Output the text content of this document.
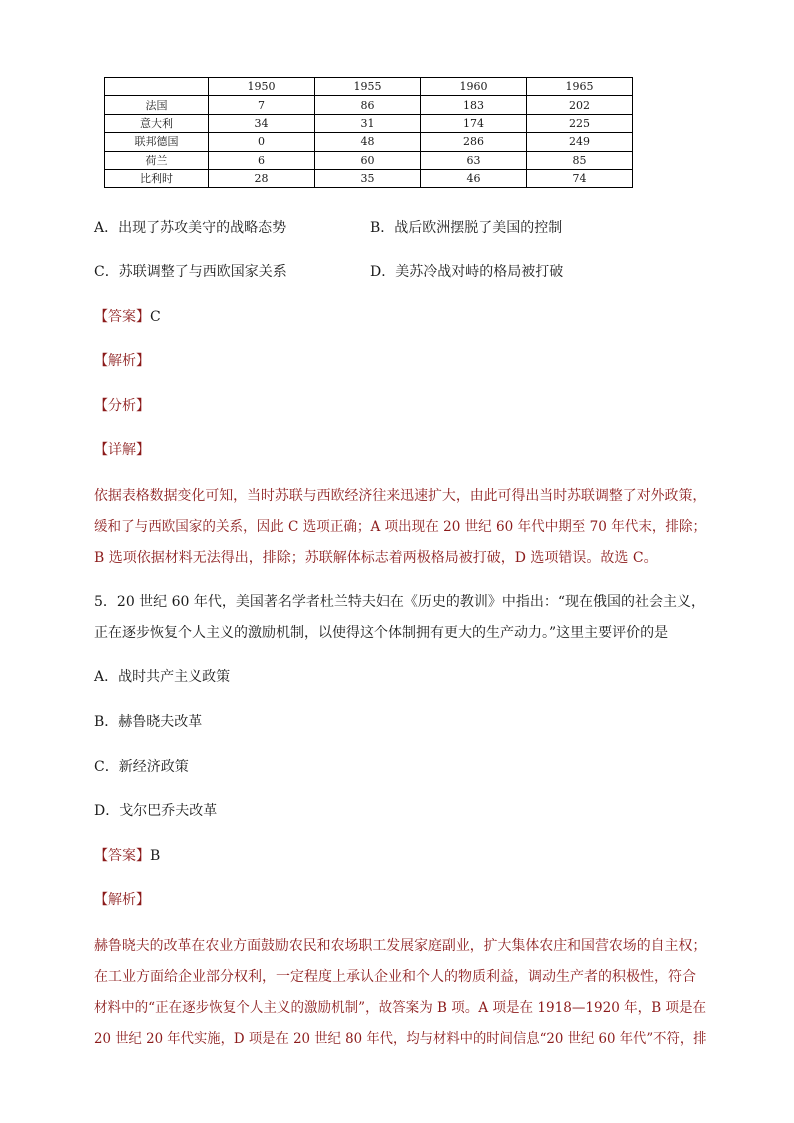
	1950	1955	1960	1965
法国	7	86	183	202
意大利	34	31	174	225
联邦德国	0	48	286	249
荷兰	6	60	63	85
比利时	28	35	46	74
A．出现了苏攻美守的战略态势	B．战后欧洲摆脱了美国的控制
C．苏联调整了与西欧国家关系	D．美苏冷战对峙的格局被打破
【答案】C
【解析】
【分析】
【详解】
依据表格数据变化可知，当时苏联与西欧经济往来迅速扩大，由此可得出当时苏联调整了对外政策，
缓和了与西欧国家的关系，因此 C 选项正确；A 项出现在 20 世纪 60 年代中期至 70 年代末，排除；
B 选项依据材料无法得出，排除；苏联解体标志着两极格局被打破，D 选项错误。故选 C。
5．20 世纪 60 年代，美国著名学者杜兰特夫妇在《历史的教训》中指出：“现在俄国的社会主义，
正在逐步恢复个人主义的激励机制，以使得这个体制拥有更大的生产动力。”这里主要评价的是
A．战时共产主义政策
B．赫鲁晓夫改革
C．新经济政策
D．戈尔巴乔夫改革
【答案】B
【解析】
赫鲁晓夫的改革在农业方面鼓励农民和农场职工发展家庭副业，扩大集体农庄和国营农场的自主权；
在工业方面给企业部分权利，一定程度上承认企业和个人的物质利益，调动生产者的积极性，符合
材料中的“正在逐步恢复个人主义的激励机制”，故答案为 B 项。A 项是在 1918—1920 年，B 项是在
20 世纪 20 年代实施，D 项是在 20 世纪 80 年代，均与材料中的时间信息“20 世纪 60 年代”不符，排
